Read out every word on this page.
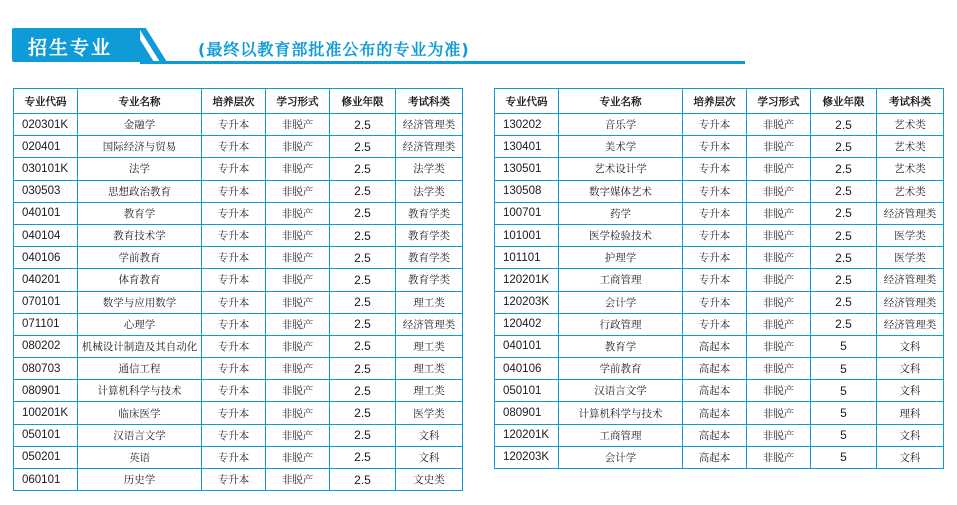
招生专业	(最终以教育部批准公布的专业为准)
专业代码	专业名称	培养层次	学习形式	修业年限	考试科类
020301K	金融学	专升本	非脱产	2.5	经济管理类
020401	国际经济与贸易	专升本	非脱产	2.5	经济管理类
030101K	法学	专升本	非脱产	2.5	法学类
030503	思想政治教育	专升本	非脱产	2.5	法学类
040101	教育学	专升本	非脱产	2.5	教育学类
040104	教育技术学	专升本	非脱产	2.5	教育学类
040106	学前教育	专升本	非脱产	2.5	教育学类
040201	体育教育	专升本	非脱产	2.5	教育学类
070101	数学与应用数学	专升本	非脱产	2.5	理工类
071101	心理学	专升本	非脱产	2.5	经济管理类
080202	机械设计制造及其自动化	专升本	非脱产	2.5	理工类
080703	通信工程	专升本	非脱产	2.5	理工类
080901	计算机科学与技术	专升本	非脱产	2.5	理工类
100201K	临床医学	专升本	非脱产	2.5	医学类
050101	汉语言文学	专升本	非脱产	2.5	文科
050201	英语	专升本	非脱产	2.5	文科
060101	历史学	专升本	非脱产	2.5	文史类
专业代码	专业名称	培养层次	学习形式	修业年限	考试科类
130202	音乐学	专升本	非脱产	2.5	艺术类
130401	美术学	专升本	非脱产	2.5	艺术类
130501	艺术设计学	专升本	非脱产	2.5	艺术类
130508	数字媒体艺术	专升本	非脱产	2.5	艺术类
100701	药学	专升本	非脱产	2.5	经济管理类
101001	医学检验技术	专升本	非脱产	2.5	医学类
101101	护理学	专升本	非脱产	2.5	医学类
120201K	工商管理	专升本	非脱产	2.5	经济管理类
120203K	会计学	专升本	非脱产	2.5	经济管理类
120402	行政管理	专升本	非脱产	2.5	经济管理类
040101	教育学	高起本	非脱产	5	文科
040106	学前教育	高起本	非脱产	5	文科
050101	汉语言文学	高起本	非脱产	5	文科
080901	计算机科学与技术	高起本	非脱产	5	理科
120201K	工商管理	高起本	非脱产	5	文科
120203K	会计学	高起本	非脱产	5	文科
